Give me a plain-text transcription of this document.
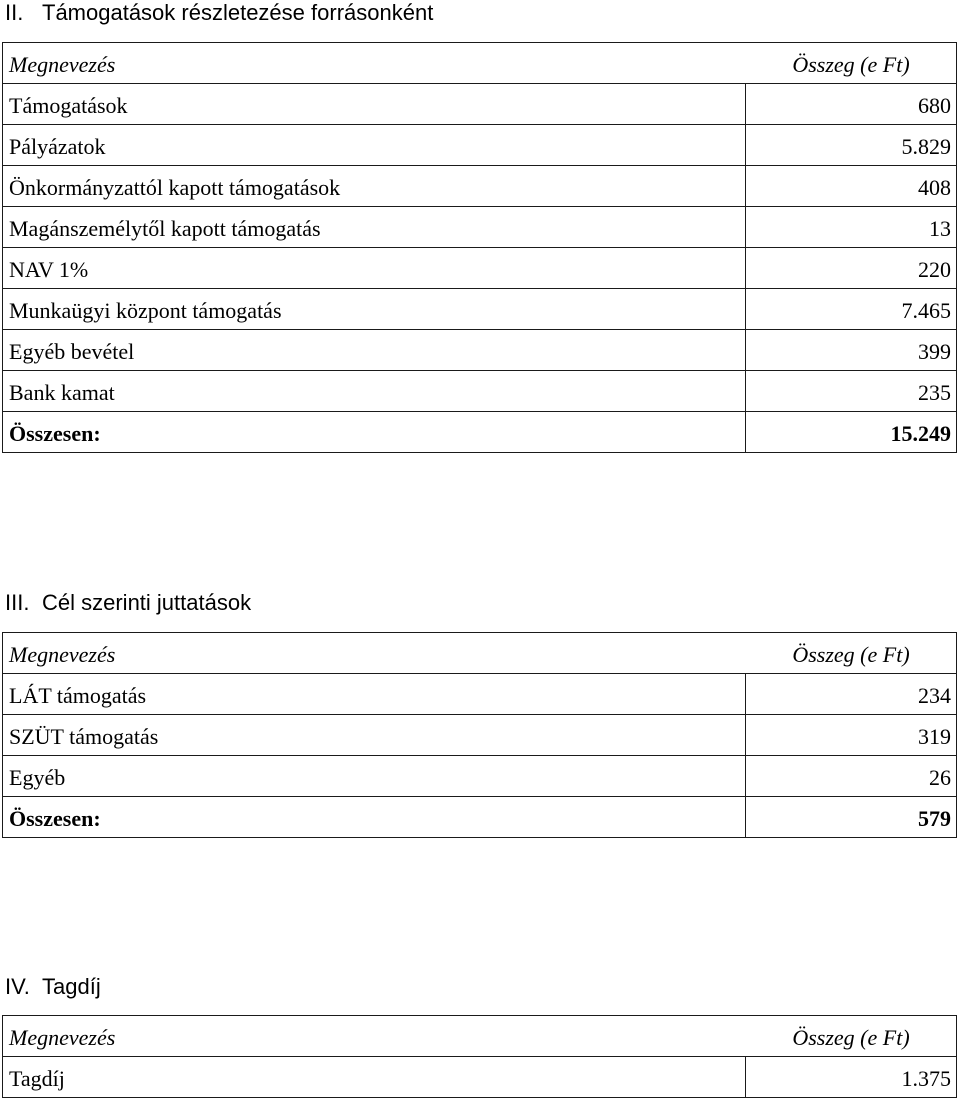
II. Támogatások részletezése forrásonként
Megnevezés	Összeg (e Ft)
Támogatások	680
Pályázatok	5.829
Önkormányzattól kapott támogatások	408
Magánszemélytől kapott támogatás	13
NAV 1%	220
Munkaügyi központ támogatás	7.465
Egyéb bevétel	399
Bank kamat	235
Összesen:	15.249
III. Cél szerinti juttatások
Megnevezés	Összeg (e Ft)
LÁT támogatás	234
SZÜT támogatás	319
Egyéb	26
Összesen:	579
IV. Tagdíj
Megnevezés	Összeg (e Ft)
Tagdíj	1.375
